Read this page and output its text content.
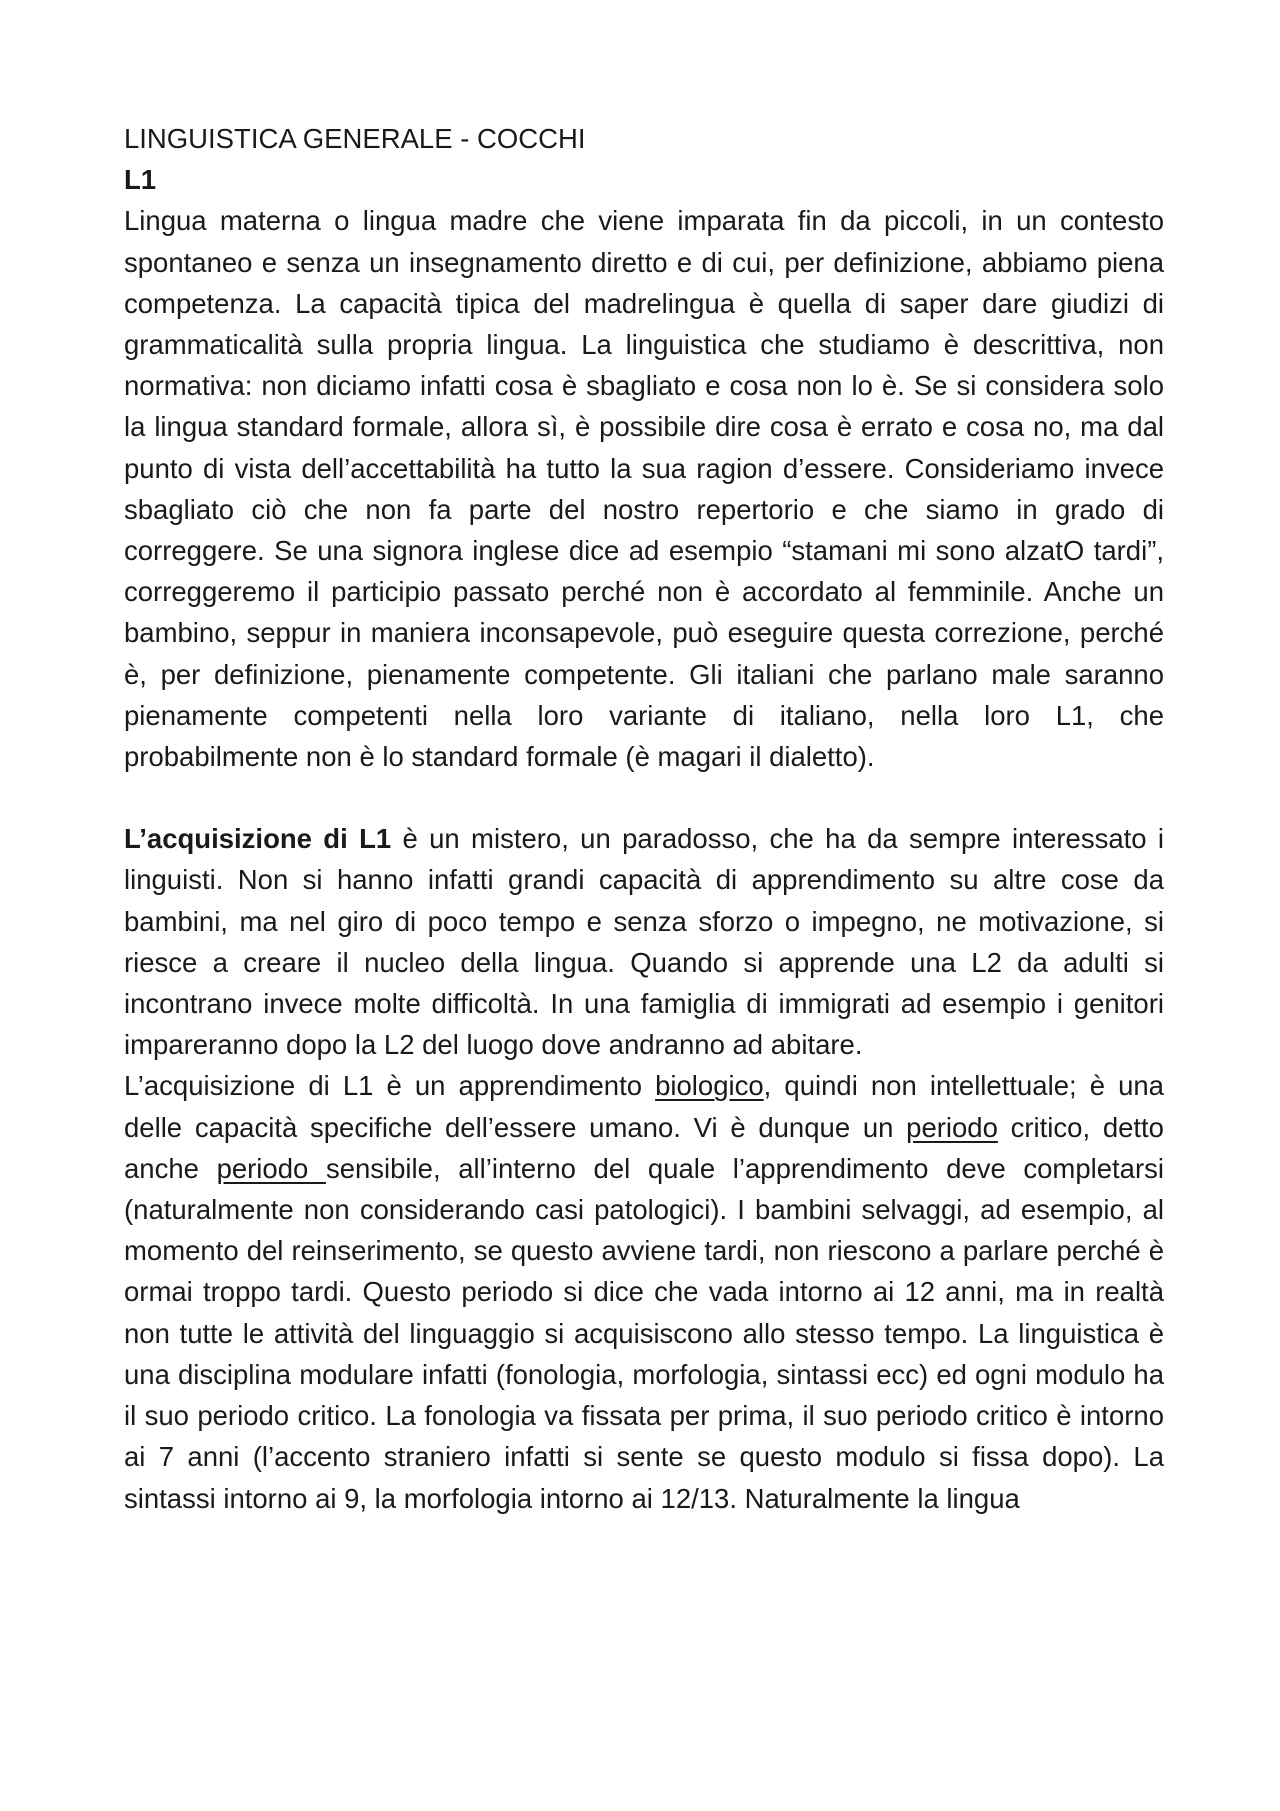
LINGUISTICA GENERALE - COCCHI
L1

Lingua materna o lingua madre che viene imparata fin da piccoli, in un contesto spontaneo e senza un insegnamento diretto e di cui, per definizione, abbiamo piena competenza. La capacità tipica del madrelingua è quella di saper dare giudizi di grammaticalità sulla propria lingua. La linguistica che studiamo è descrittiva, non normativa: non diciamo infatti cosa è sbagliato e cosa non lo è. Se si considera solo la lingua standard formale, allora sì, è possibile dire cosa è errato e cosa no, ma dal punto di vista dell’accettabilità ha tutto la sua ragion d’essere. Consideriamo invece sbagliato ciò che non fa parte del nostro repertorio e che siamo in grado di correggere. Se una signora inglese dice ad esempio “stamani mi sono alzatO tardi”, correggeremo il participio passato perché non è accordato al femminile. Anche un bambino, seppur in maniera inconsapevole, può eseguire questa correzione, perché è, per definizione, pienamente competente. Gli italiani che parlano male saranno pienamente competenti nella loro variante di italiano, nella loro L1, che probabilmente non è lo standard formale (è magari il dialetto).

L’acquisizione di L1 è un mistero, un paradosso, che ha da sempre interessato i linguisti. Non si hanno infatti grandi capacità di apprendimento su altre cose da bambini, ma nel giro di poco tempo e senza sforzo o impegno, ne motivazione, si riesce a creare il nucleo della lingua. Quando si apprende una L2 da adulti si incontrano invece molte difficoltà. In una famiglia di immigrati ad esempio i genitori impareranno dopo la L2 del luogo dove andranno ad abitare.

L’acquisizione di L1 è un apprendimento biologico, quindi non intellettuale; è una delle capacità specifiche dell’essere umano. Vi è dunque un periodo critico, detto anche periodo sensibile, all’interno del quale l’apprendimento deve completarsi (naturalmente non considerando casi patologici). I bambini selvaggi, ad esempio, al momento del reinserimento, se questo avviene tardi, non riescono a parlare perché è ormai troppo tardi. Questo periodo si dice che vada intorno ai 12 anni, ma in realtà non tutte le attività del linguaggio si acquisiscono allo stesso tempo. La linguistica è una disciplina modulare infatti (fonologia, morfologia, sintassi ecc) ed ogni modulo ha il suo periodo critico. La fonologia va fissata per prima, il suo periodo critico è intorno ai 7 anni (l’accento straniero infatti si sente se questo modulo si fissa dopo). La sintassi intorno ai 9, la morfologia intorno ai 12/13. Naturalmente la lingua
